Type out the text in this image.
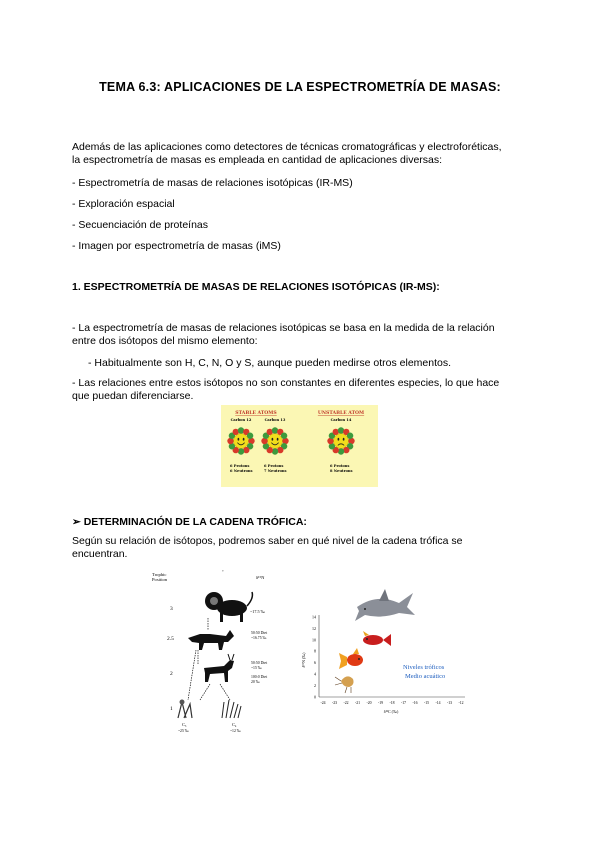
TEMA 6.3: APLICACIONES DE LA ESPECTROMETRÍA DE MASAS:
Además de las aplicaciones como detectores de técnicas cromatográficas y electroforéticas,
la espectrometría de masas es empleada en cantidad de aplicaciones diversas:
- Espectrometría de masas de relaciones isotópicas (IR-MS)
- Exploración espacial
- Secuenciación de proteínas
- Imagen por espectrometría de masas (iMS)
1. ESPECTROMETRÍA DE MASAS DE RELACIONES ISOTÓPICAS (IR-MS):
- La espectrometría de masas de relaciones isotópicas se basa en la medida de la relación
entre dos isótopos del mismo elemento:
- Habitualmente son H, C, N, O y S, aunque pueden medirse otros elementos.
- Las relaciones entre estos isótopos no son constantes en diferentes especies, lo que hace
que puedan diferenciarse.
STABLE ATOMS	UNSTABLE ATOM
Carbon 12	Carbon 13	Carbon 14
6 Protons
6 Neutrons
6 Protons
7 Neutrons
6 Protons
8 Neutrons
➢ DETERMINACIÓN DE LA CADENA TRÓFICA:
Según su relación de isótopos, podremos saber en qué nivel de la cadena trófica se
encuentran.
Trophic
Position	δ¹⁵N
°
3
2.5
2
1
~17.5 ‰
50:50 Diet
~16.75 ‰
50:50 Diet
~15 ‰
100:0 Diet
20 ‰
C₃
~25 ‰
C₄
~12 ‰
14
12
10
8
6
4
2
0
-24 -23 -22 -21 -20 -19 -18 -17 -16 -15 -14 -13 -12
δ¹⁵N (‰)
δ¹³C (‰)
Niveles tróficos
Medio acuático
